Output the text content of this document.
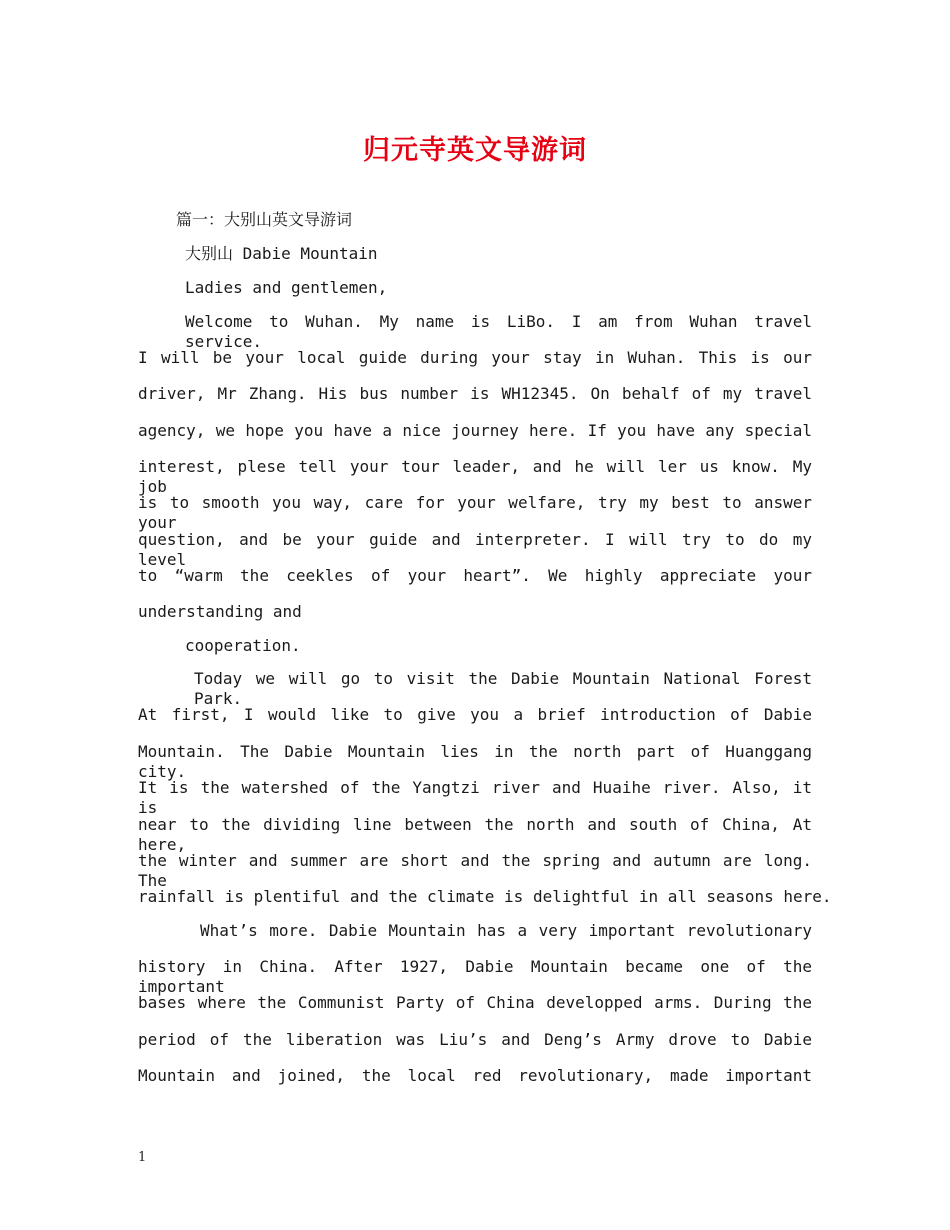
归元寺英文导游词
篇一：大别山英文导游词
大别山 Dabie Mountain
Ladies and gentlemen,
Welcome to Wuhan. My name is LiBo. I am from Wuhan travel service.
I will be your local guide during your stay in Wuhan. This is our
driver, Mr Zhang. His bus number is WH12345. On behalf of my travel
agency, we hope you have a nice journey here. If you have any special
interest, plese tell your tour leader, and he will ler us know. My job
is to smooth you way, care for your welfare, try my best to answer your
question, and be your guide and interpreter. I will try to do my level
to “warm the ceekles of your heart”. We highly appreciate your
understanding and
cooperation.
Today we will go to visit the Dabie Mountain National Forest Park.
At first, I would like to give you a brief introduction of Dabie
Mountain. The Dabie Mountain lies in the north part of Huanggang city.
It is the watershed of the Yangtzi river and Huaihe river. Also, it is
near to the dividing line between the north and south of China, At here,
the winter and summer are short and the spring and autumn are long. The
rainfall is plentiful and the climate is delightful in all seasons here.
What’s more. Dabie Mountain has a very important revolutionary
history in China. After 1927, Dabie Mountain became one of the important
bases where the Communist Party of China developped arms. During the
period of the liberation was Liu’s and Deng’s Army drove to Dabie
Mountain and joined, the local red revolutionary, made important
1
